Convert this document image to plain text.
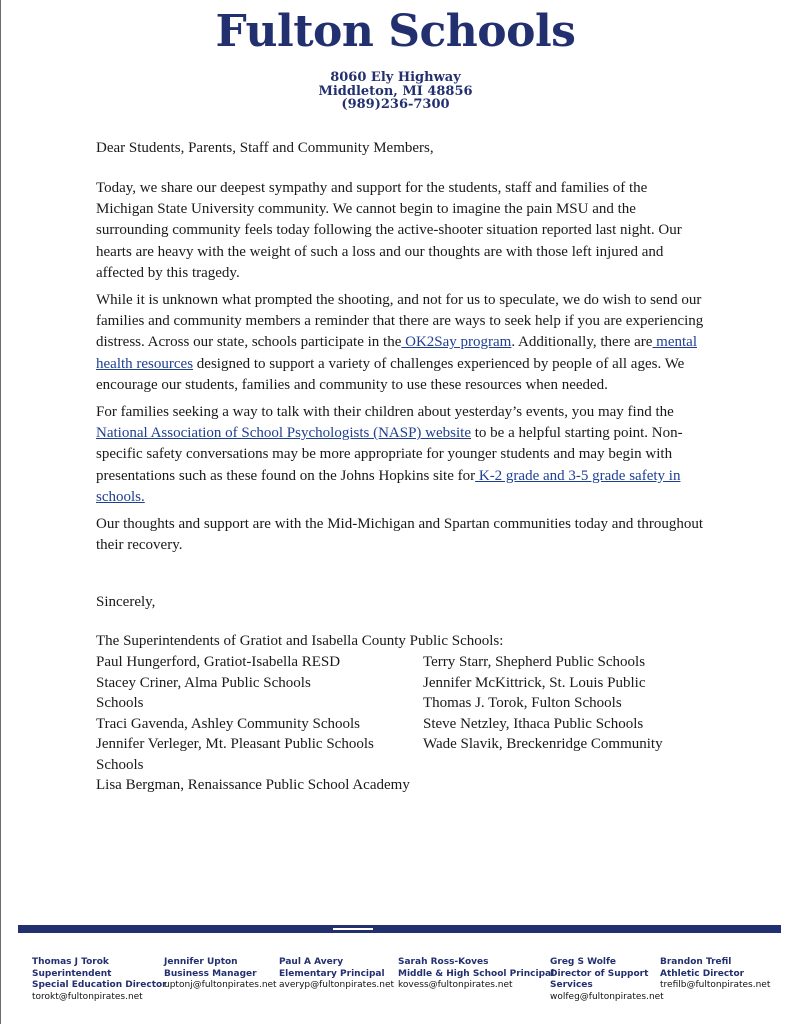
Fulton Schools
8060 Ely Highway
Middleton, MI 48856
(989)236-7300
Dear Students, Parents, Staff and Community Members,

Today, we share our deepest sympathy and support for the students, staff and families of the Michigan State University community. We cannot begin to imagine the pain MSU and the surrounding community feels today following the active-shooter situation reported last night. Our hearts are heavy with the weight of such a loss and our thoughts are with those left injured and affected by this tragedy.

While it is unknown what prompted the shooting, and not for us to speculate, we do wish to send our families and community members a reminder that there are ways to seek help if you are experiencing distress. Across our state, schools participate in the OK2Say program. Additionally, there are mental health resources designed to support a variety of challenges experienced by people of all ages. We encourage our students, families and community to use these resources when needed.

For families seeking a way to talk with their children about yesterday’s events, you may find the National Association of School Psychologists (NASP) website to be a helpful starting point. Non-specific safety conversations may be more appropriate for younger students and may begin with presentations such as these found on the Johns Hopkins site for K-2 grade and 3-5 grade safety in schools.

Our thoughts and support are with the Mid-Michigan and Spartan communities today and throughout their recovery.

Sincerely,
The Superintendents of Gratiot and Isabella County Public Schools:
Paul Hungerford, Gratiot-Isabella RESD
Stacey Criner, Alma Public Schools
Schools
Traci Gavenda, Ashley Community Schools
Jennifer Verleger, Mt. Pleasant Public Schools
Schools
Lisa Bergman, Renaissance Public School Academy
Terry Starr, Shepherd Public Schools
Jennifer McKittrick, St. Louis Public
Thomas J. Torok, Fulton Schools
Steve Netzley, Ithaca Public Schools
Wade Slavik, Breckenridge Community
Thomas J Torok
Superintendent
Special Education Director
torokt@fultonpirates.net
Jennifer Upton
Business Manager
uptonj@fultonpirates.net
Paul A Avery
Elementary Principal
averyp@fultonpirates.net
Sarah Ross-Koves
Middle & High School Principal
kovess@fultonpirates.net
Greg S Wolfe
Director of Support
Services
wolfeg@fultonpirates.net
Brandon Trefil
Athletic Director
trefilb@fultonpirates.net
